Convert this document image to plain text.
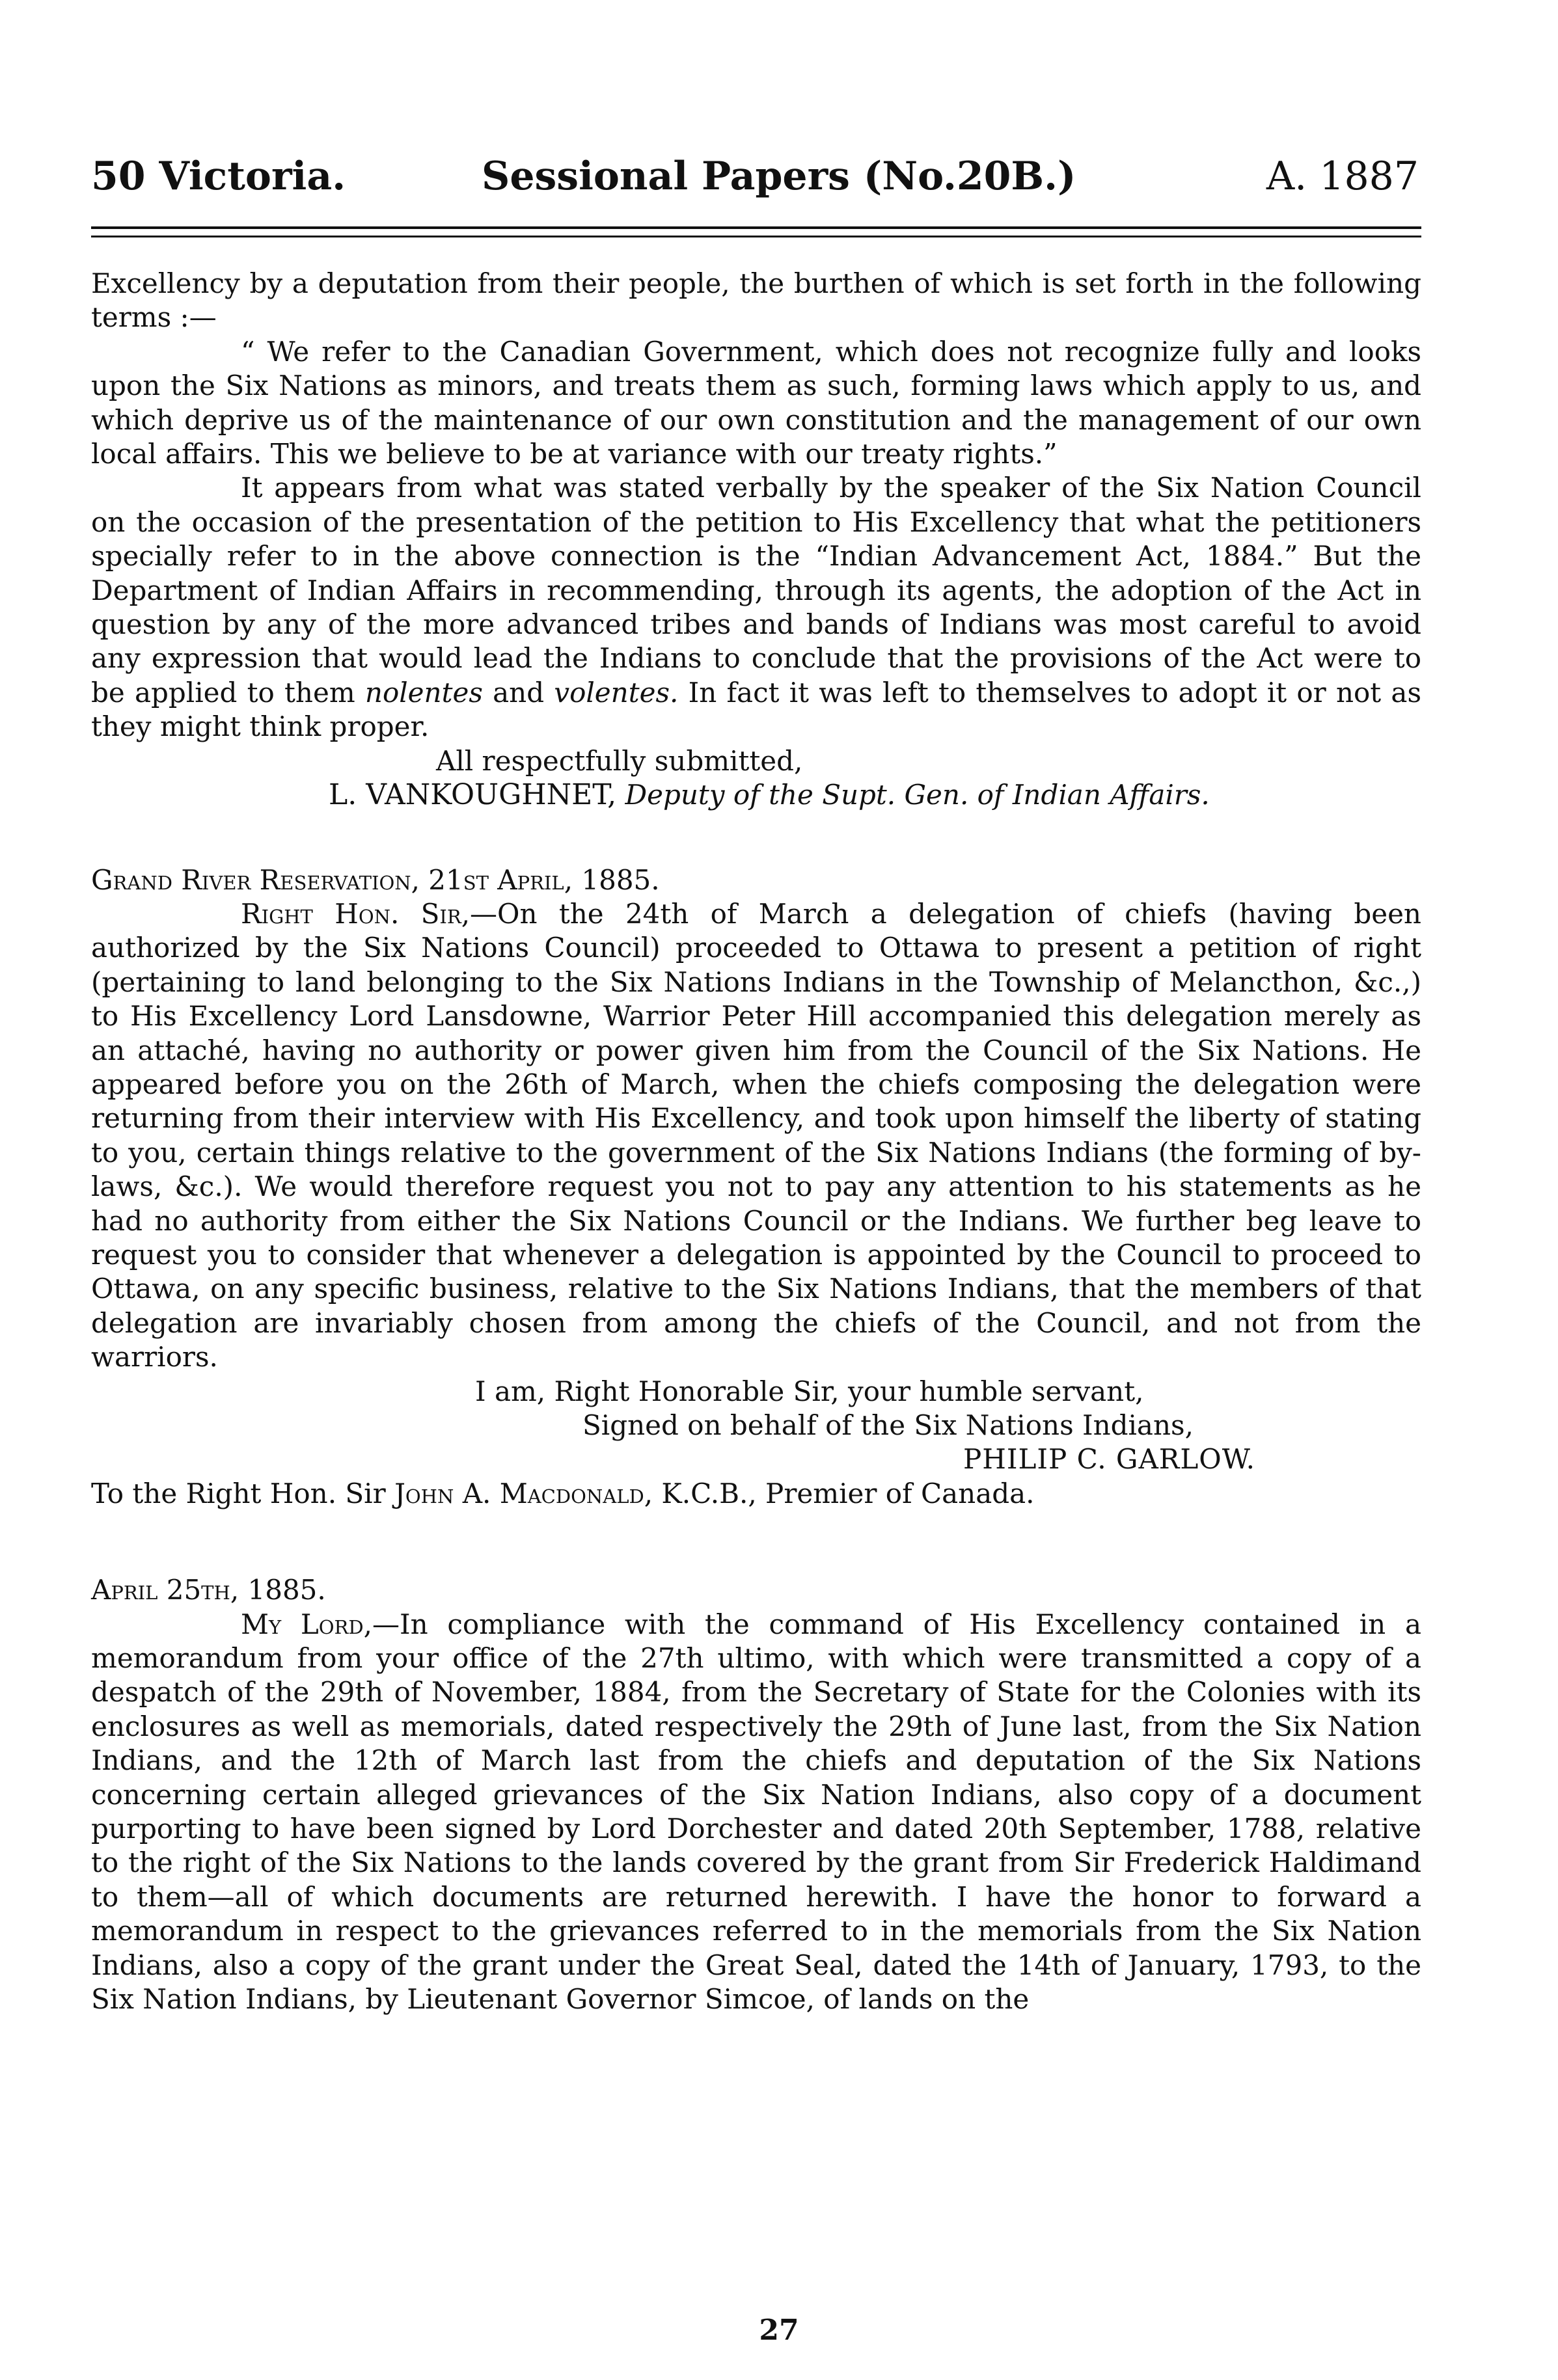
50 Victoria.	Sessional Papers (No.20B.)	A. 1887

Excellency by a deputation from their people, the burthen of which is set forth in the following terms :—

“ We refer to the Canadian Government, which does not recognize fully and looks upon the Six Nations as minors, and treats them as such, forming laws which apply to us, and which deprive us of the maintenance of our own constitution and the management of our own local affairs. This we believe to be at variance with our treaty rights.”

It appears from what was stated verbally by the speaker of the Six Nation Council on the occasion of the presentation of the petition to His Excellency that what the petitioners specially refer to in the above connection is the “Indian Advancement Act, 1884.” But the Department of Indian Affairs in recommending, through its agents, the adoption of the Act in question by any of the more advanced tribes and bands of Indians was most careful to avoid any expression that would lead the Indians to conclude that the provisions of the Act were to be applied to them nolentes and volentes. In fact it was left to themselves to adopt it or not as they might think proper.

All respectfully submitted,

L. VANKOUGHNET, Deputy of the Supt. Gen. of Indian Affairs.

Grand River Reservation, 21st April, 1885.

Right Hon. Sir,—On the 24th of March a delegation of chiefs (having been authorized by the Six Nations Council) proceeded to Ottawa to present a petition of right (pertaining to land belonging to the Six Nations Indians in the Township of Melancthon, &c.,) to His Excellency Lord Lansdowne, Warrior Peter Hill accompanied this delegation merely as an attaché, having no authority or power given him from the Council of the Six Nations. He appeared before you on the 26th of March, when the chiefs composing the delegation were returning from their interview with His Excellency, and took upon himself the liberty of stating to you, certain things relative to the government of the Six Nations Indians (the forming of by-laws, &c.). We would therefore request you not to pay any attention to his statements as he had no authority from either the Six Nations Council or the Indians. We further beg leave to request you to consider that whenever a delegation is appointed by the Council to proceed to Ottawa, on any specific business, relative to the Six Nations Indians, that the members of that delegation are invariably chosen from among the chiefs of the Council, and not from the warriors.

I am, Right Honorable Sir, your humble servant,

Signed on behalf of the Six Nations Indians,

PHILIP C. GARLOW.

To the Right Hon. Sir John A. Macdonald, K.C.B., Premier of Canada.

April 25th, 1885.

My Lord,—In compliance with the command of His Excellency contained in a memorandum from your office of the 27th ultimo, with which were transmitted a copy of a despatch of the 29th of November, 1884, from the Secretary of State for the Colonies with its enclosures as well as memorials, dated respectively the 29th of June last, from the Six Nation Indians, and the 12th of March last from the chiefs and deputation of the Six Nations concerning certain alleged grievances of the Six Nation Indians, also copy of a document purporting to have been signed by Lord Dorchester and dated 20th September, 1788, relative to the right of the Six Nations to the lands covered by the grant from Sir Frederick Haldimand to them—all of which documents are returned herewith. I have the honor to forward a memorandum in respect to the grievances referred to in the memorials from the Six Nation Indians, also a copy of the grant under the Great Seal, dated the 14th of January, 1793, to the Six Nation Indians, by Lieutenant Governor Simcoe, of lands on the

27
